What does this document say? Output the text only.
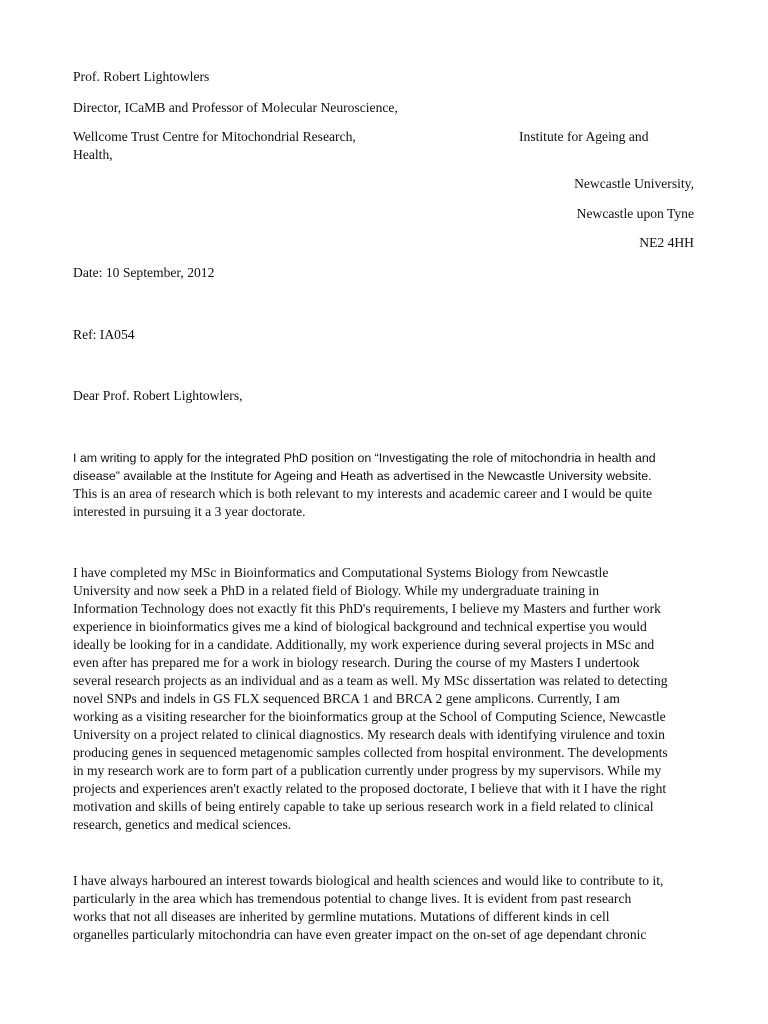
Prof. Robert Lightowlers

Director, ICaMB and Professor of Molecular Neuroscience,

Wellcome Trust Centre for Mitochondrial Research,	Institute for Ageing and

Health,

Newcastle University,

Newcastle upon Tyne

NE2 4HH

Date: 10 September, 2012

Ref: IA054

Dear Prof. Robert Lightowlers,

I am writing to apply for the integrated PhD position on “Investigating the role of mitochondria in health and
disease” available at the Institute for Ageing and Heath as advertised in the Newcastle University website.
This is an area of research which is both relevant to my interests and academic career and I would be quite
interested in pursuing it a 3 year doctorate.
I have completed my MSc in Bioinformatics and Computational Systems Biology from Newcastle
University and now seek a PhD in a related field of Biology. While my undergraduate training in
Information Technology does not exactly fit this PhD's requirements, I believe my Masters and further work
experience in bioinformatics gives me a kind of biological background and technical expertise you would
ideally be looking for in a candidate. Additionally, my work experience during several projects in MSc and
even after has prepared me for a work in biology research. During the course of my Masters I undertook
several research projects as an individual and as a team as well. My MSc dissertation was related to detecting
novel SNPs and indels in GS FLX sequenced BRCA 1 and BRCA 2 gene amplicons. Currently, I am
working as a visiting researcher for the bioinformatics group at the School of Computing Science, Newcastle
University on a project related to clinical diagnostics. My research deals with identifying virulence and toxin
producing genes in sequenced metagenomic samples collected from hospital environment. The developments
in my research work are to form part of a publication currently under progress by my supervisors. While my
projects and experiences aren't exactly related to the proposed doctorate, I believe that with it I have the right
motivation and skills of being entirely capable to take up serious research work in a field related to clinical
research, genetics and medical sciences.
I have always harboured an interest towards biological and health sciences and would like to contribute to it,
particularly in the area which has tremendous potential to change lives. It is evident from past research
works that not all diseases are inherited by germline mutations. Mutations of different kinds in cell
organelles particularly mitochondria can have even greater impact on the on-set of age dependant chronic
